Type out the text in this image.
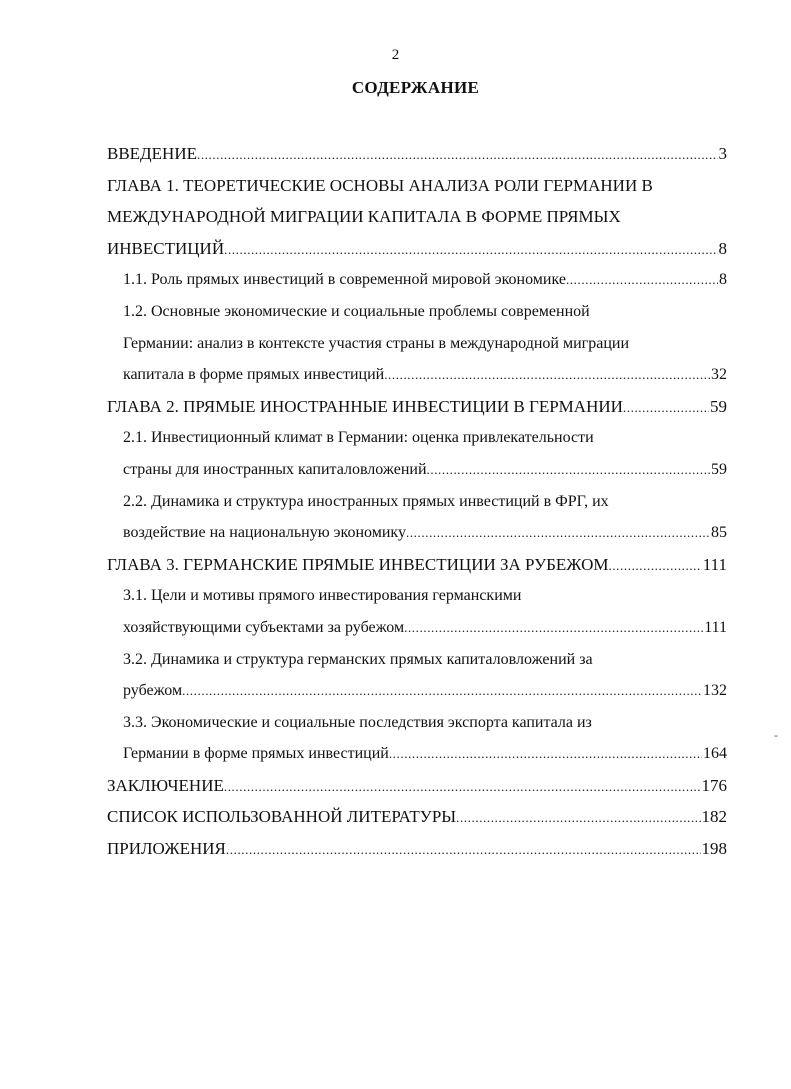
2
СОДЕРЖАНИЕ
ВВЕДЕНИЕ .....	3
ГЛАВА 1. ТЕОРЕТИЧЕСКИЕ ОСНОВЫ АНАЛИЗА РОЛИ ГЕРМАНИИ В
МЕЖДУНАРОДНОЙ МИГРАЦИИ КАПИТАЛА В ФОРМЕ ПРЯМЫХ
ИНВЕСТИЦИЙ .....	8
1.1. Роль прямых инвестиций в современной мировой экономике .....	8
1.2. Основные экономические и социальные проблемы современной
Германии: анализ в контексте участия страны в международной миграции
капитала в форме прямых инвестиций .....	32
ГЛАВА 2. ПРЯМЫЕ ИНОСТРАННЫЕ ИНВЕСТИЦИИ В ГЕРМАНИИ .....	59
2.1. Инвестиционный климат в Германии: оценка привлекательности
страны для иностранных капиталовложений .....	59
2.2. Динамика и структура иностранных прямых инвестиций в ФРГ, их
воздействие на национальную экономику .....	85
ГЛАВА 3. ГЕРМАНСКИЕ ПРЯМЫЕ ИНВЕСТИЦИИ ЗА РУБЕЖОМ .....	111
3.1. Цели и мотивы прямого инвестирования германскими
хозяйствующими субъектами за рубежом .....	111
3.2. Динамика и структура германских прямых капиталовложений за
рубежом .....	132
3.3. Экономические и социальные последствия экспорта капитала из
Германии в форме прямых инвестиций .....	164
ЗАКЛЮЧЕНИЕ .....	176
СПИСОК ИСПОЛЬЗОВАННОЙ ЛИТЕРАТУРЫ .....	182
ПРИЛОЖЕНИЯ .....	198
-
